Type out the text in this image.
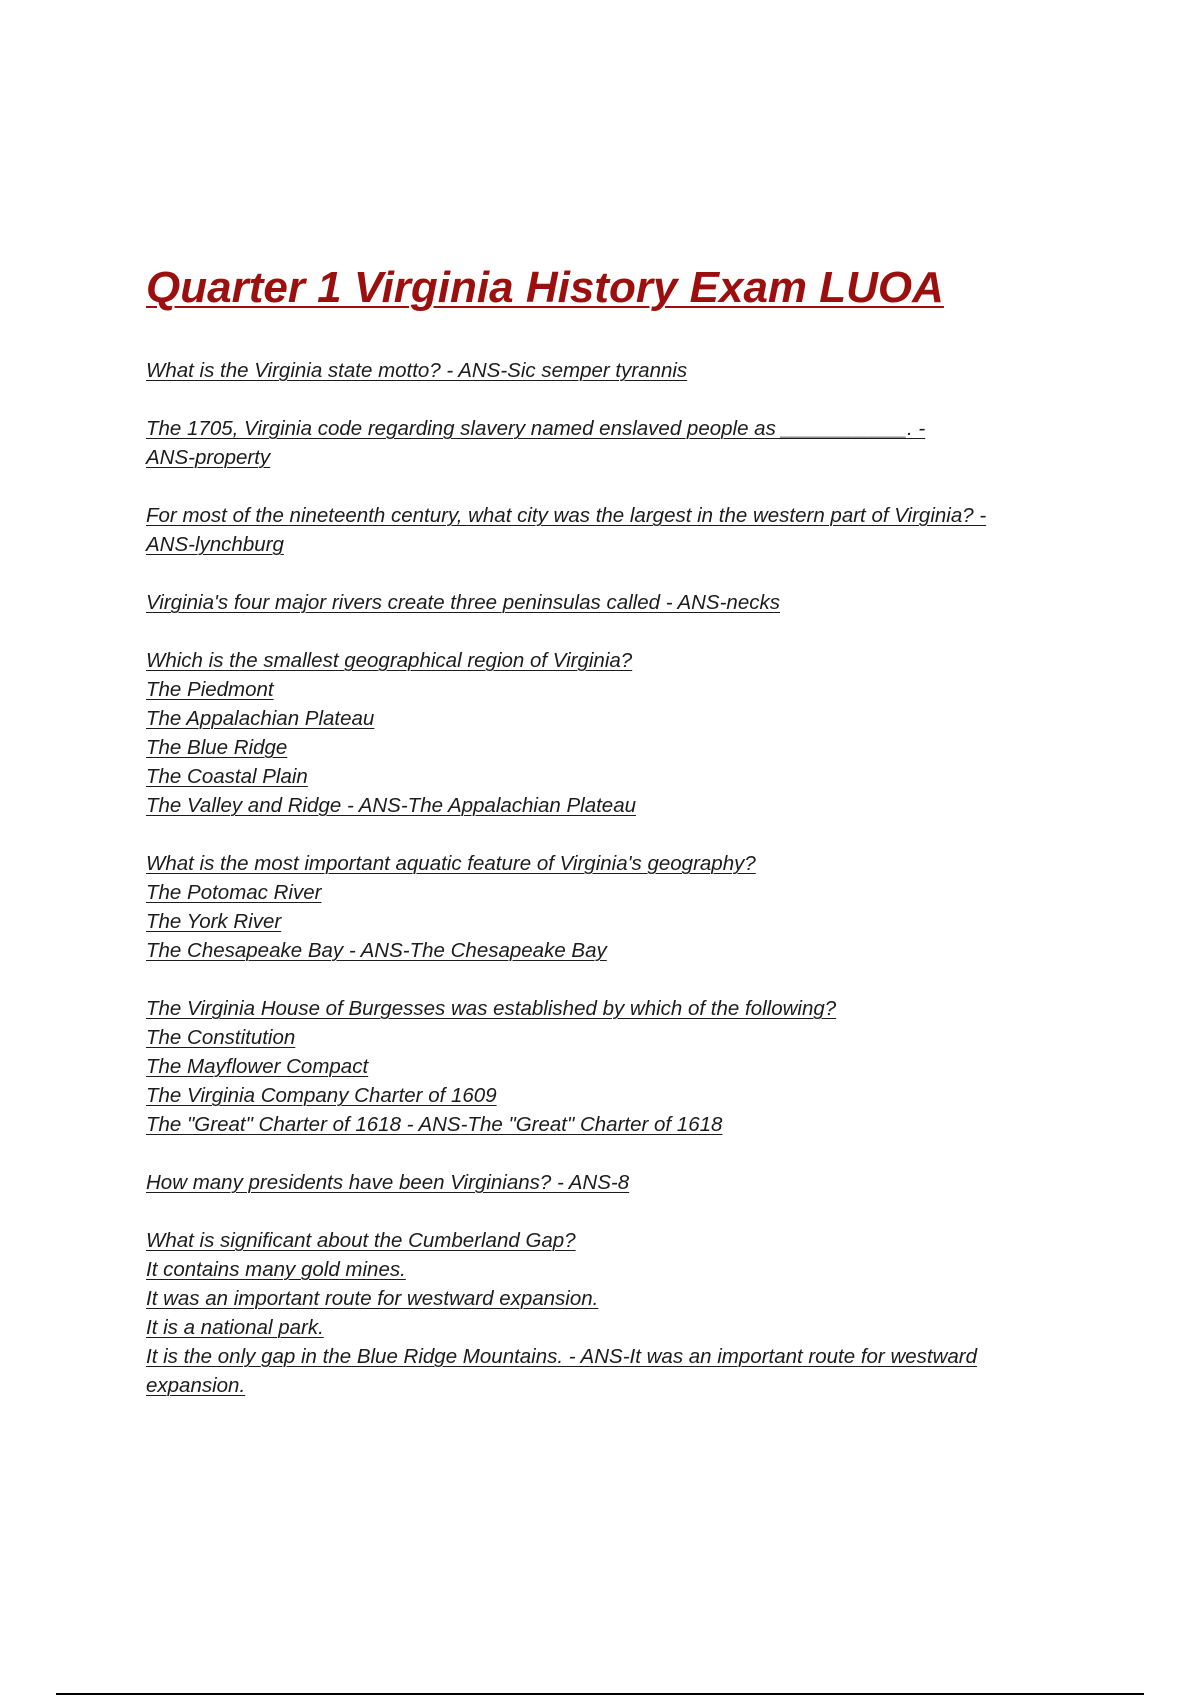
Quarter 1 Virginia History Exam LUOA
What is the Virginia state motto? - ANS-Sic semper tyrannis
The 1705, Virginia code regarding slavery named enslaved people as ___________. -
ANS-property
For most of the nineteenth century, what city was the largest in the western part of Virginia? -
ANS-lynchburg
Virginia's four major rivers create three peninsulas called - ANS-necks
Which is the smallest geographical region of Virginia?
The Piedmont
The Appalachian Plateau
The Blue Ridge
The Coastal Plain
The Valley and Ridge - ANS-The Appalachian Plateau
What is the most important aquatic feature of Virginia's geography?
The Potomac River
The York River
The Chesapeake Bay - ANS-The Chesapeake Bay
The Virginia House of Burgesses was established by which of the following?
The Constitution
The Mayflower Compact
The Virginia Company Charter of 1609
The "Great" Charter of 1618 - ANS-The "Great" Charter of 1618
How many presidents have been Virginians? - ANS-8
What is significant about the Cumberland Gap?
It contains many gold mines.
It was an important route for westward expansion.
It is a national park.
It is the only gap in the Blue Ridge Mountains. - ANS-It was an important route for westward
expansion.
